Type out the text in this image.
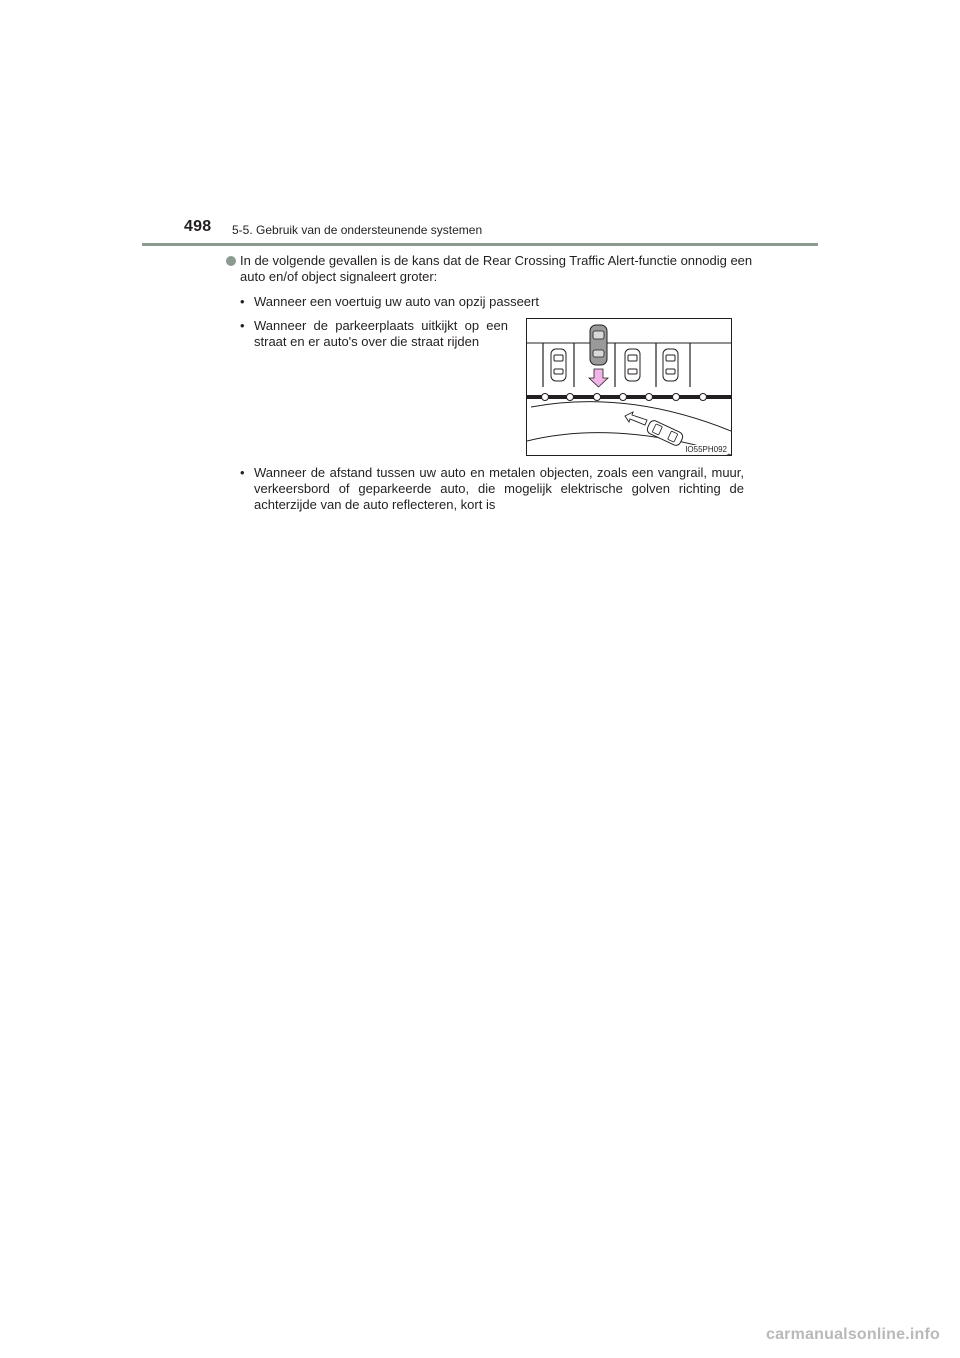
498 5-5. Gebruik van de ondersteunende systemen
In de volgende gevallen is de kans dat de Rear Crossing Traffic Alert-functie onnodig een auto en/of object signaleert groter:
• Wanneer een voertuig uw auto van opzij passeert
• Wanneer de parkeerplaats uitkijkt op een straat en er auto's over die straat rijden
IO55PH092
• Wanneer de afstand tussen uw auto en metalen objecten, zoals een vangrail, muur, verkeersbord of geparkeerde auto, die mogelijk elektrische golven richting de achterzijde van de auto reflecteren, kort is
carmanualsonline.info
